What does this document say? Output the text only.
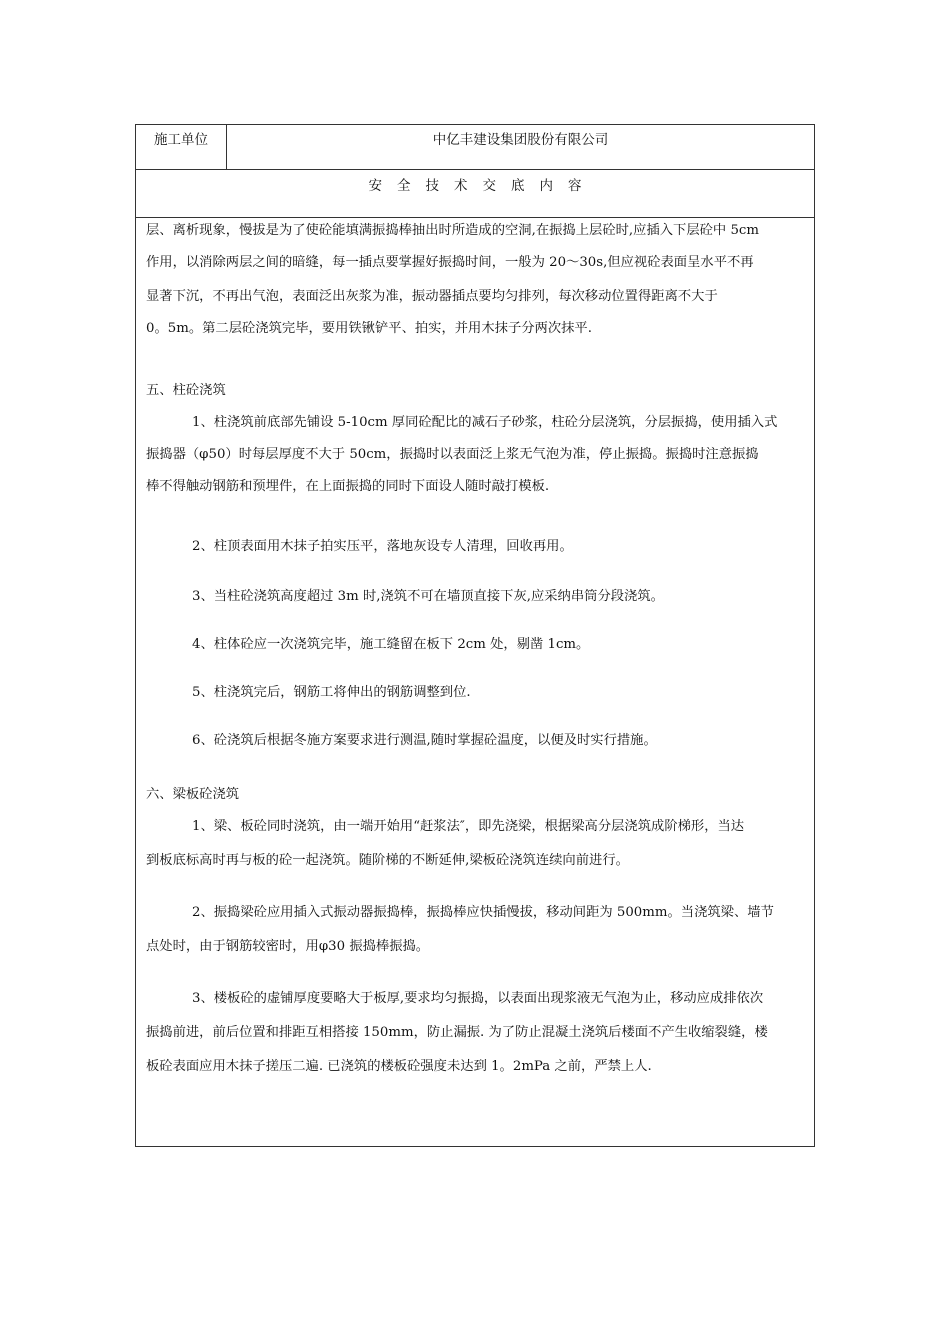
施工单位	中亿丰建设集团股份有限公司
安全技术交底内容
层、离析现象，慢拔是为了使砼能填满振捣棒抽出时所造成的空洞,在振捣上层砼时,应插入下层砼中 5cm
作用，以消除两层之间的暗缝，每一插点要掌握好振捣时间，一般为 20～30s,但应视砼表面呈水平不再
显著下沉，不再出气泡，表面泛出灰浆为准，振动器插点要均匀排列，每次移动位置得距离不大于
0。5m。第二层砼浇筑完毕，要用铁锹铲平、拍实，并用木抹子分两次抹平.
五、柱砼浇筑
1、柱浇筑前底部先铺设 5-10cm 厚同砼配比的减石子砂浆，柱砼分层浇筑，分层振捣，使用插入式
振捣器（φ50）时每层厚度不大于 50cm，振捣时以表面泛上浆无气泡为准，停止振捣。振捣时注意振捣
棒不得触动钢筋和预埋件，在上面振捣的同时下面设人随时敲打模板.
2、柱顶表面用木抹子拍实压平，落地灰设专人清理，回收再用。
3、当柱砼浇筑高度超过 3m 时,浇筑不可在墙顶直接下灰,应采纳串筒分段浇筑。
4、柱体砼应一次浇筑完毕，施工缝留在板下 2cm 处，剔凿 1cm。
5、柱浇筑完后，钢筋工将伸出的钢筋调整到位.
6、砼浇筑后根据冬施方案要求进行测温,随时掌握砼温度，以便及时实行措施。
六、梁板砼浇筑
1、梁、板砼同时浇筑，由一端开始用“赶浆法″，即先浇梁，根据梁高分层浇筑成阶梯形，当达
到板底标高时再与板的砼一起浇筑。随阶梯的不断延伸,梁板砼浇筑连续向前进行。
2、振捣梁砼应用插入式振动器振捣棒，振捣棒应快插慢拔，移动间距为 500mm。当浇筑梁、墙节
点处时，由于钢筋较密时，用φ30 振捣棒振捣。
3、楼板砼的虚铺厚度要略大于板厚,要求均匀振捣，以表面出现浆液无气泡为止，移动应成排依次
振捣前进，前后位置和排距互相搭接 150mm，防止漏振. 为了防止混凝土浇筑后楼面不产生收缩裂缝，楼
板砼表面应用木抹子搓压二遍. 已浇筑的楼板砼强度未达到 1。2mPa 之前，严禁上人.
